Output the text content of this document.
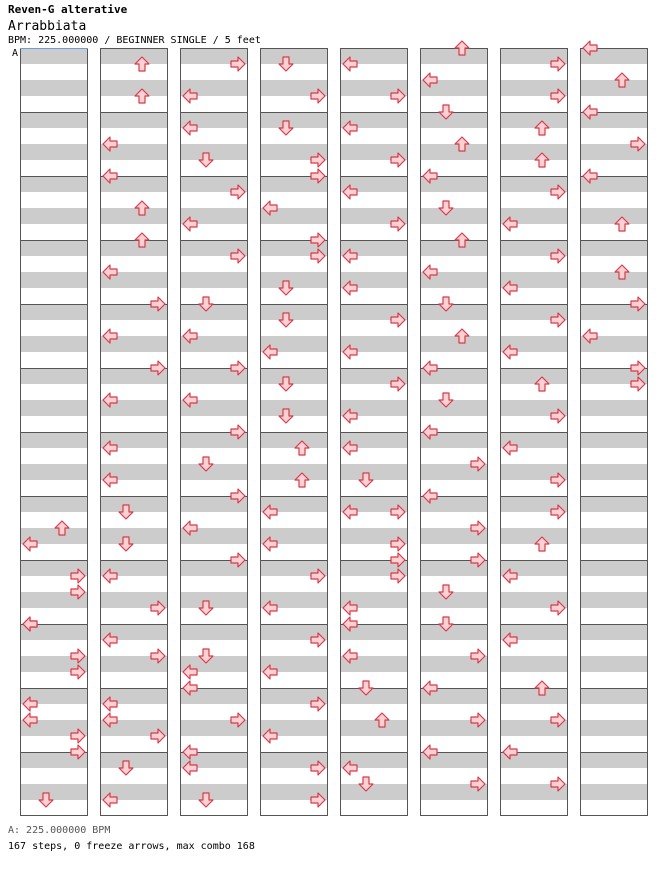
Reven-G alterative
Arrabbiata
BPM: 225.000000 / BEGINNER SINGLE / 5 feet
A
A: 225.000000 BPM
167 steps, 0 freeze arrows, max combo 168
